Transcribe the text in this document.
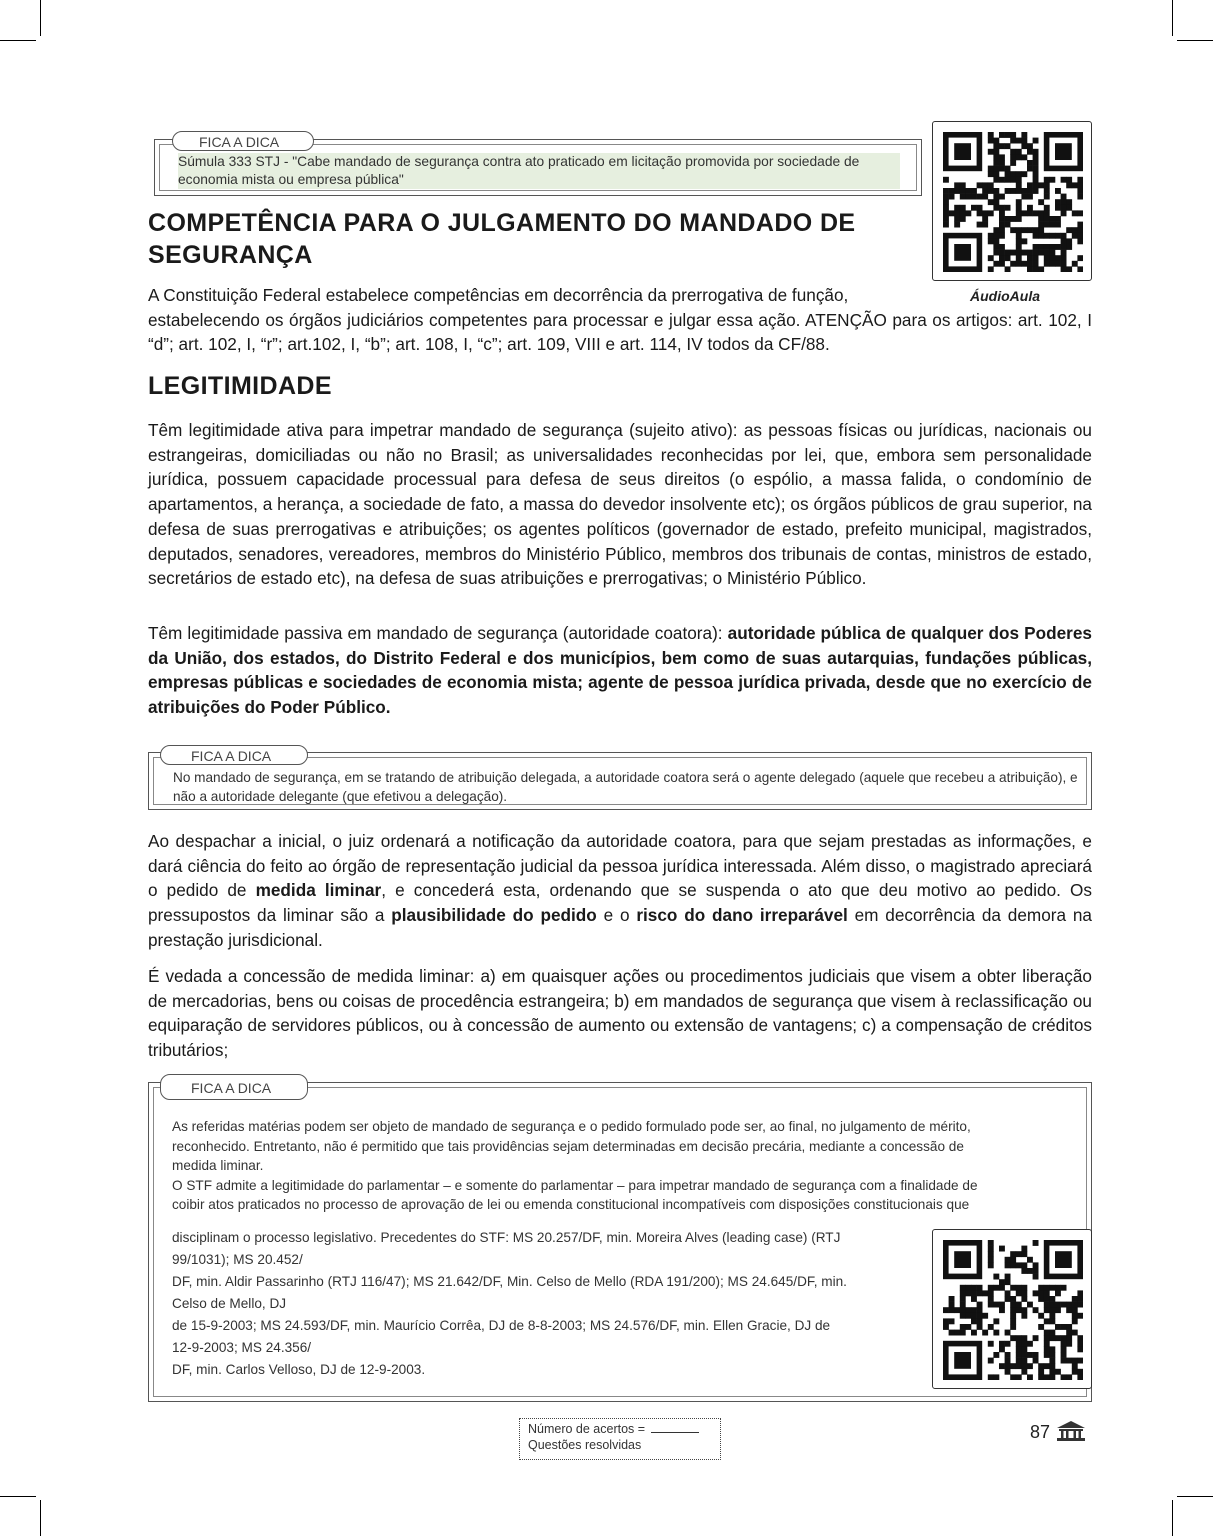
FICA A DICA
Súmula 333 STJ - "Cabe mandado de segurança contra ato praticado em licitação promovida por sociedade de economia mista ou empresa pública"
ÁudioAula
COMPETÊNCIA PARA O JULGAMENTO DO MANDADO DE
SEGURANÇA
A Constituição Federal estabelece competências em decorrência da prerrogativa de função,
estabelecendo os órgãos judiciários competentes para processar e julgar essa ação. ATENÇÃO para os artigos: art. 102, I “d”; art. 102, I, “r”; art.102, I, “b”; art. 108, I, “c”; art. 109, VIII e art. 114, IV todos da CF/88.
LEGITIMIDADE
Têm legitimidade ativa para impetrar mandado de segurança (sujeito ativo): as pessoas físicas ou jurídicas, nacionais ou estrangeiras, domiciliadas ou não no Brasil; as universalidades reconhecidas por lei, que, embora sem personalidade jurídica, possuem capacidade processual para defesa de seus direitos (o espólio, a massa falida, o condomínio de apartamentos, a herança, a sociedade de fato, a massa do devedor insolvente etc); os órgãos públicos de grau superior, na defesa de suas prerrogativas e atribuições; os agentes políticos (governador de estado, prefeito municipal, magistrados, deputados, senadores, vereadores, membros do Ministério Público, membros dos tribunais de contas, ministros de estado, secretários de estado etc), na defesa de suas atribuições e prerrogativas; o Ministério Público.
Têm legitimidade passiva em mandado de segurança (autoridade coatora): autoridade pública de qualquer dos Poderes da União, dos estados, do Distrito Federal e dos municípios, bem como de suas autarquias, fundações públicas, empresas públicas e sociedades de economia mista; agente de pessoa jurídica privada, desde que no exercício de atribuições do Poder Público.
FICA A DICA
No mandado de segurança, em se tratando de atribuição delegada, a autoridade coatora será o agente delegado (aquele que recebeu a atribuição), e não a autoridade delegante (que efetivou a delegação).
Ao despachar a inicial, o juiz ordenará a notificação da autoridade coatora, para que sejam prestadas as informações, e dará ciência do feito ao órgão de representação judicial da pessoa jurídica interessada. Além disso, o magistrado apreciará o pedido de medida liminar, e concederá esta, ordenando que se suspenda o ato que deu motivo ao pedido. Os pressupostos da liminar são a plausibilidade do pedido e o risco do dano irreparável em decorrência da demora na prestação jurisdicional.
É vedada a concessão de medida liminar: a) em quaisquer ações ou procedimentos judiciais que visem a obter liberação de mercadorias, bens ou coisas de procedência estrangeira; b) em mandados de segurança que visem à reclassificação ou equiparação de servidores públicos, ou à concessão de aumento ou extensão de vantagens; c) a compensação de créditos tributários;
FICA A DICA
As referidas matérias podem ser objeto de mandado de segurança e o pedido formulado pode ser, ao final, no julgamento de mérito,
reconhecido. Entretanto, não é permitido que tais providências sejam determinadas em decisão precária, mediante a concessão de
medida liminar.
O STF admite a legitimidade do parlamentar – e somente do parlamentar – para impetrar mandado de segurança com a finalidade de
coibir atos praticados no processo de aprovação de lei ou emenda constitucional incompatíveis com disposições constitucionais que
disciplinam o processo legislativo. Precedentes do STF: MS 20.257/DF, min. Moreira Alves (leading case) (RTJ
99/1031); MS 20.452/
DF, min. Aldir Passarinho (RTJ 116/47); MS 21.642/DF, Min. Celso de Mello (RDA 191/200); MS 24.645/DF, min.
Celso de Mello, DJ
de 15-9-2003; MS 24.593/DF, min. Maurício Corrêa, DJ de 8-8-2003; MS 24.576/DF, min. Ellen Gracie, DJ de
12-9-2003; MS 24.356/
DF, min. Carlos Velloso, DJ de 12-9-2003.
Número de acertos =
Questões resolvidas
87
